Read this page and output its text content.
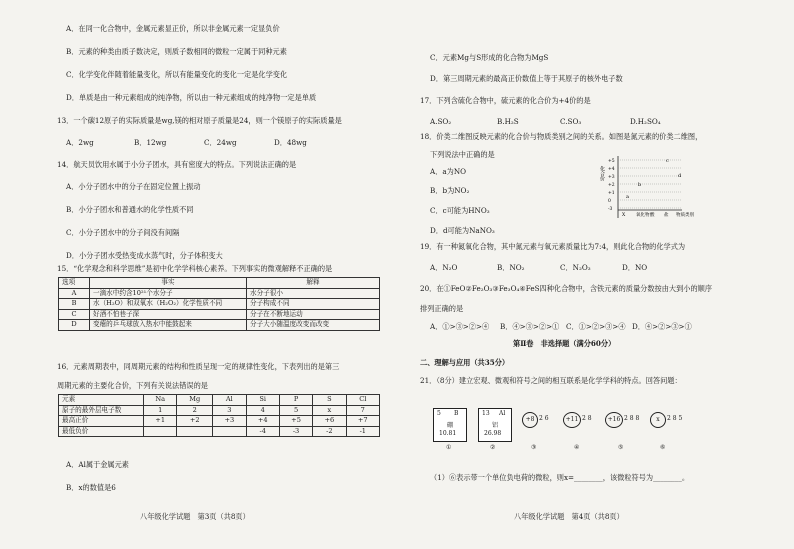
A．在同一化合物中，金属元素显正价，所以非金属元素一定显负价
B．元素的种类由质子数决定，则质子数相同的微粒一定属于同种元素
C．化学变化伴随着能量变化，所以有能量变化的变化一定是化学变化
D．单质是由一种元素组成的纯净物，所以由一种元素组成的纯净物一定是单质
13．一个碳12原子的实际质量是wg,镁的相对原子质量是24，则一个镁原子的实际质量是
A．2wg	B．12wg	C．24wg	D．48wg
14．航天员饮用水属于小分子团水，具有密度大的特点。下列说法正确的是
A．小分子团水中的分子在固定位置上振动
B．小分子团水和普通水的化学性质不同
C．小分子团水中的分子间没有间隔
D．小分子团水受热变成水蒸气时，分子体积变大
15．“化学观念和科学思维”是初中化学学科核心素养。下列事实的微观解释不正确的是
选项	事实	解释
A	一滴水中约含10²¹个水分子	水分子很小
B	水（H₂O）和双氧水（H₂O₂）化学性质不同	分子构成不同
C	好酒不怕巷子深	分子在不断地运动
D	变瘪的乒乓球放入热水中能鼓起来	分子大小随温度改变而改变
16．元素周期表中，同周期元素的结构和性质呈现一定的规律性变化，下表列出的是第三
周期元素的主要化合价，下列有关说法错误的是
元素	Na	Mg	Al	Si	P	S	Cl
原子的最外层电子数	1	2	3	4	5	x	7
最高正价	+1	+2	+3	+4	+5	+6	+7
最低负价				-4	-3	-2	-1
A．Al属于金属元素
B．x的数值是6
八年级化学试题　第3页（共8页）
C．元素Mg与S形成的化合物为MgS
D．第三周期元素的最高正价数值上等于其原子的核外电子数
17．下列含硫化合物中，硫元素的化合价为+4价的是
A.SO₂	B.H₂S	C.SO₃	D.H₂SO₄
18．价类二维图反映元素的化合价与物质类别之间的关系。如图是氮元素的价类二维图，
下列说法中正确的是
A．a为NO
B．b为NO₂
C．c可能为HNO₃
D．d可能为NaNO₃
化合价
+5
+4
+3
+2
+1
0
-3
X 氧化物 酸 盐 物质类别
a
b
c
d
19．有一种氮氧化合物，其中氮元素与氧元素质量比为7:4，则此化合物的化学式为
A．N₂O	B．NO₂	C．N₂O₃	D．NO
20．在①FeO②Fe₂O₃③Fe₃O₄④FeS四种化合物中，含铁元素的质量分数按由大到小的顺序
排列正确的是
A．①>③>②>④ B．④>③>②>① C．①>②>③>④ D．④>②>③>①
第Ⅱ卷　非选择题（满分60分）
二、理解与应用（共35分）
21．（8分）建立宏观、微观和符号之间的相互联系是化学学科的特点。回答问题：
5 B
硼
10.81
①
13 Al
铝
26.98
②
+8 2 6
③
+11 2 8
④
+16 2 8 8
⑤
x	2 8 5
⑥
（1）⑥表示带一个单位负电荷的微粒，则x=________，该微粒符号为________。
八年级化学试题　第4页（共8页）
